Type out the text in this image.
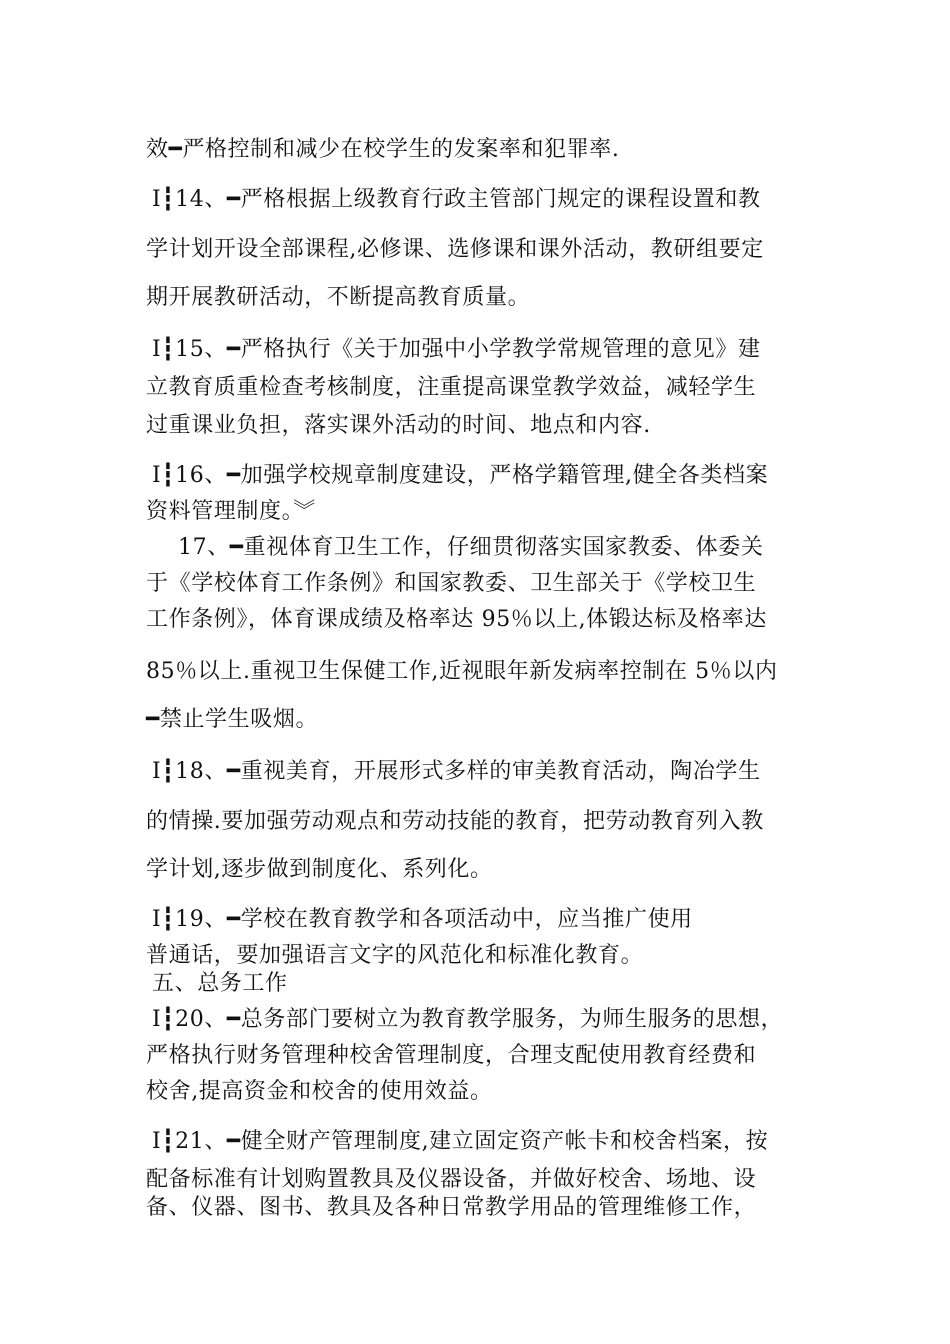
效━严格控制和减少在校学生的发案率和犯罪率.
Ⅰ┇14、━严格根据上级教育行政主管部门规定的课程设置和教
学计划开设全部课程,必修课、选修课和课外活动，教研组要定
期开展教研活动，不断提高教育质量。
Ⅰ┇15、━严格执行《关于加强中小学教学常规管理的意见》建
立教育质重检查考核制度，注重提高课堂教学效益，减轻学生
过重课业负担，落实课外活动的时间、地点和内容.
Ⅰ┇16、━加强学校规章制度建设，严格学籍管理,健全各类档案
资料管理制度。︾
17、━重视体育卫生工作，仔细贯彻落实国家教委、体委关
于《学校体育工作条例》和国家教委、卫生部关于《学校卫生
工作条例》，体育课成绩及格率达 95％以上,体锻达标及格率达
85％以上.重视卫生保健工作,近视眼年新发病率控制在 5％以内
━禁止学生吸烟。
Ⅰ┇18、━重视美育，开展形式多样的审美教育活动，陶冶学生
的情操.要加强劳动观点和劳动技能的教育，把劳动教育列入教
学计划,逐步做到制度化、系列化。
Ⅰ┇19、━学校在教育教学和各项活动中，应当推广使用
普通话，要加强语言文字的风范化和标准化教育。
五、总务工作
Ⅰ┇20、━总务部门要树立为教育教学服务，为师生服务的思想，
严格执行财务管理种校舍管理制度，合理支配使用教育经费和
校舍,提高资金和校舍的使用效益。
Ⅰ┇21、━健全财产管理制度,建立固定资产帐卡和校舍档案，按
配备标准有计划购置教具及仪器设备，并做好校舍、场地、设
备、仪器、图书、教具及各种日常教学用品的管理维修工作，
